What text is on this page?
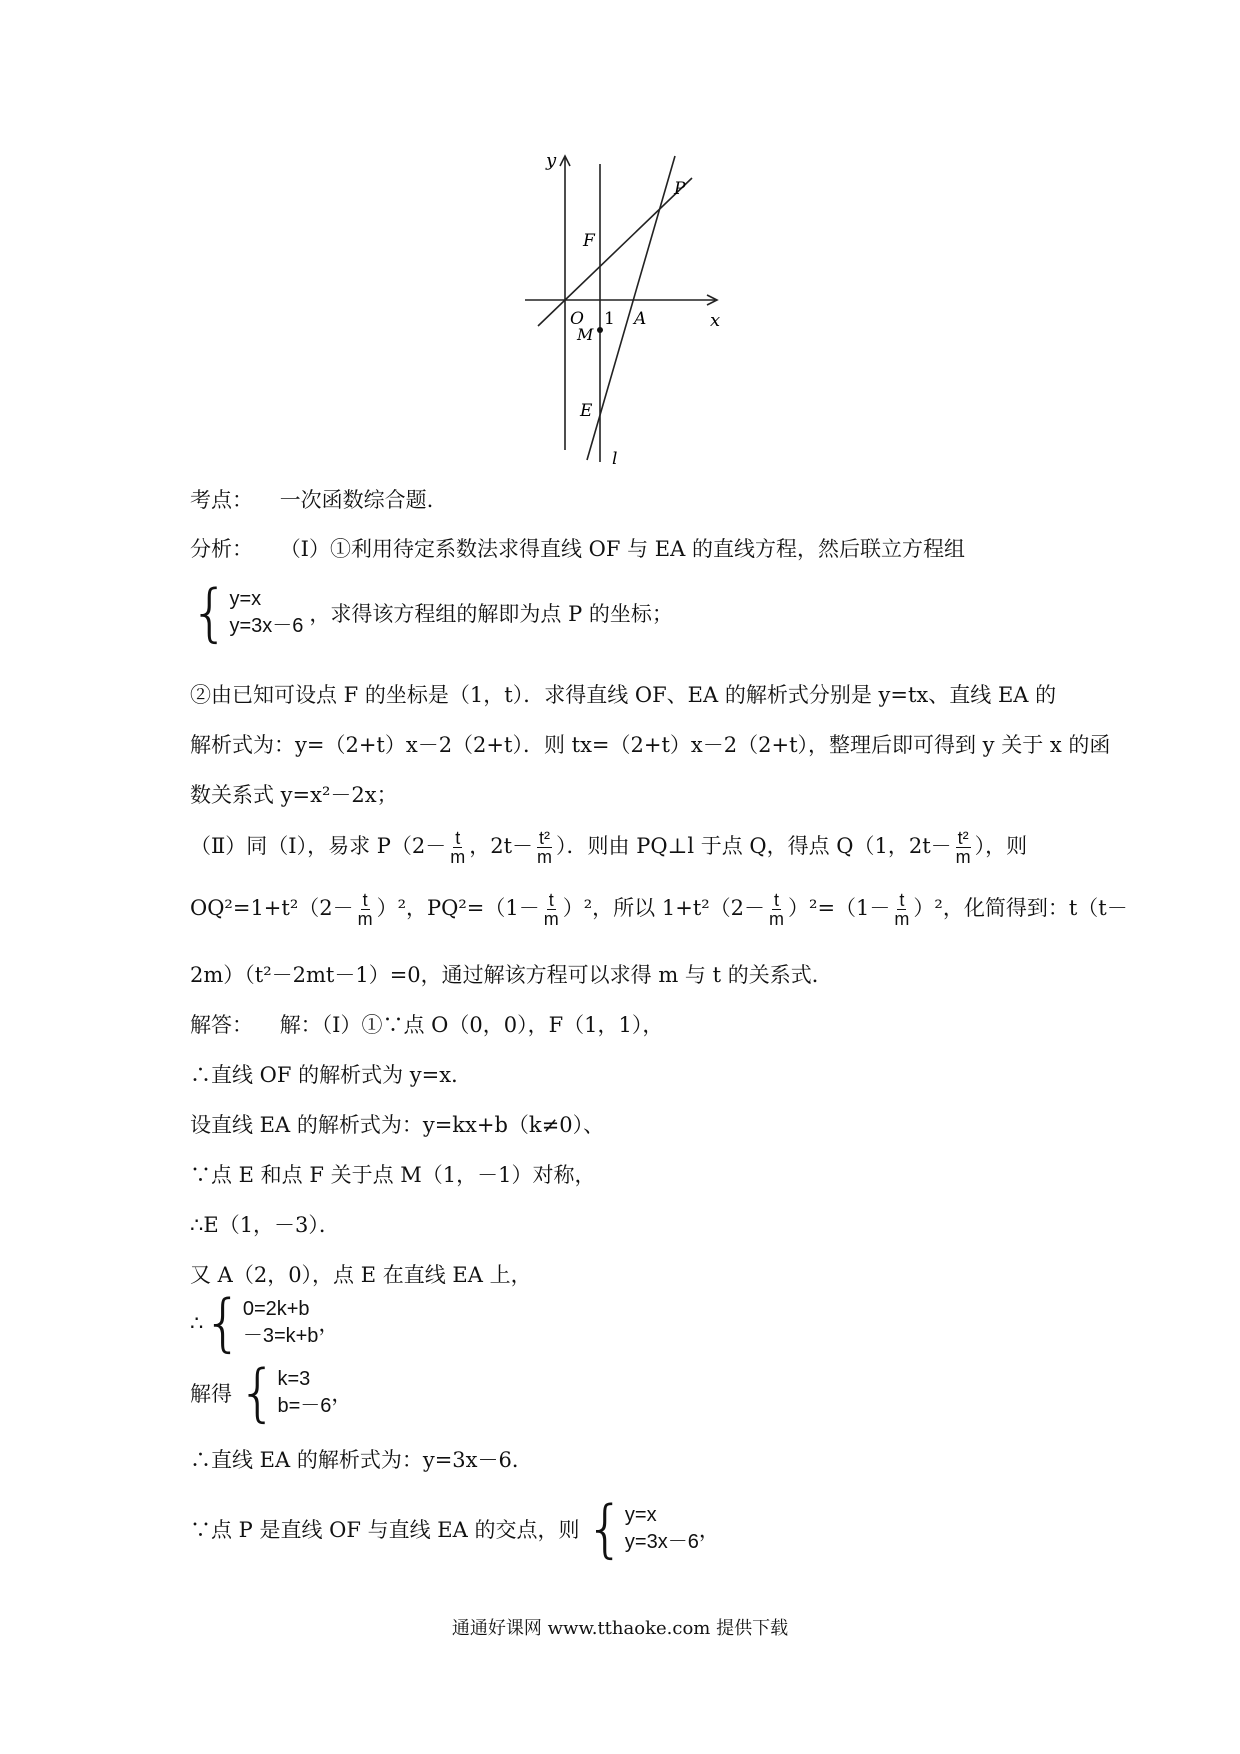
y
x
O 1 A
F
P
M
E
l
考点： 一次函数综合题.
分析： （Ⅰ）①利用待定系数法求得直线 OF 与 EA 的直线方程，然后联立方程组
{ y=x
y=3x－6 ，求得该方程组的解即为点 P 的坐标；
②由已知可设点 F 的坐标是（1，t）．求得直线 OF、EA 的解析式分别是 y=tx、直线 EA 的
解析式为：y=（2+t）x－2（2+t）．则 tx=（2+t）x－2（2+t），整理后即可得到 y 关于 x 的函
数关系式 y=x²－2x；
（Ⅱ）同（Ⅰ），易求 $P(2- \frac{t}{m}$ ，$2t- \frac{\text{t²}}{m}$ ）．则由 PQ⊥l 于点 Q，得点 Q（1，$2t- \frac{\text{t²}}{m}$ ），则
$OQ^2=1+t^2(2- \frac{t}{m} )^2$，$PQ^2=(1- \frac{t}{m} )^2$，所以 $1+t^2(2- \frac{t}{m} )^2=(1- \frac{t}{m} )^2$，化简得到：t（t－
2m）（t²－2mt－1）=0，通过解该方程可以求得 m 与 t 的关系式．
解答： 解：（Ⅰ）①∵点 O（0，0），F（1，1），
∴直线 OF 的解析式为 y=x．
设直线 EA 的解析式为：y=kx+b（k≠0）、
∵点 E 和点 F 关于点 M（1，－1）对称，
∴E（1，－3）．
又 A（2，0），点 E 在直线 EA 上，
∴ { 0=2k+b
－3=k+b ，
解得 { k=3
b=－6 ，
∴直线 EA 的解析式为：y=3x－6．
∵点 P 是直线 OF 与直线 EA 的交点，则 { y=x
y=3x－6 ，
通通好课网 www.tthaoke.com 提供下载
